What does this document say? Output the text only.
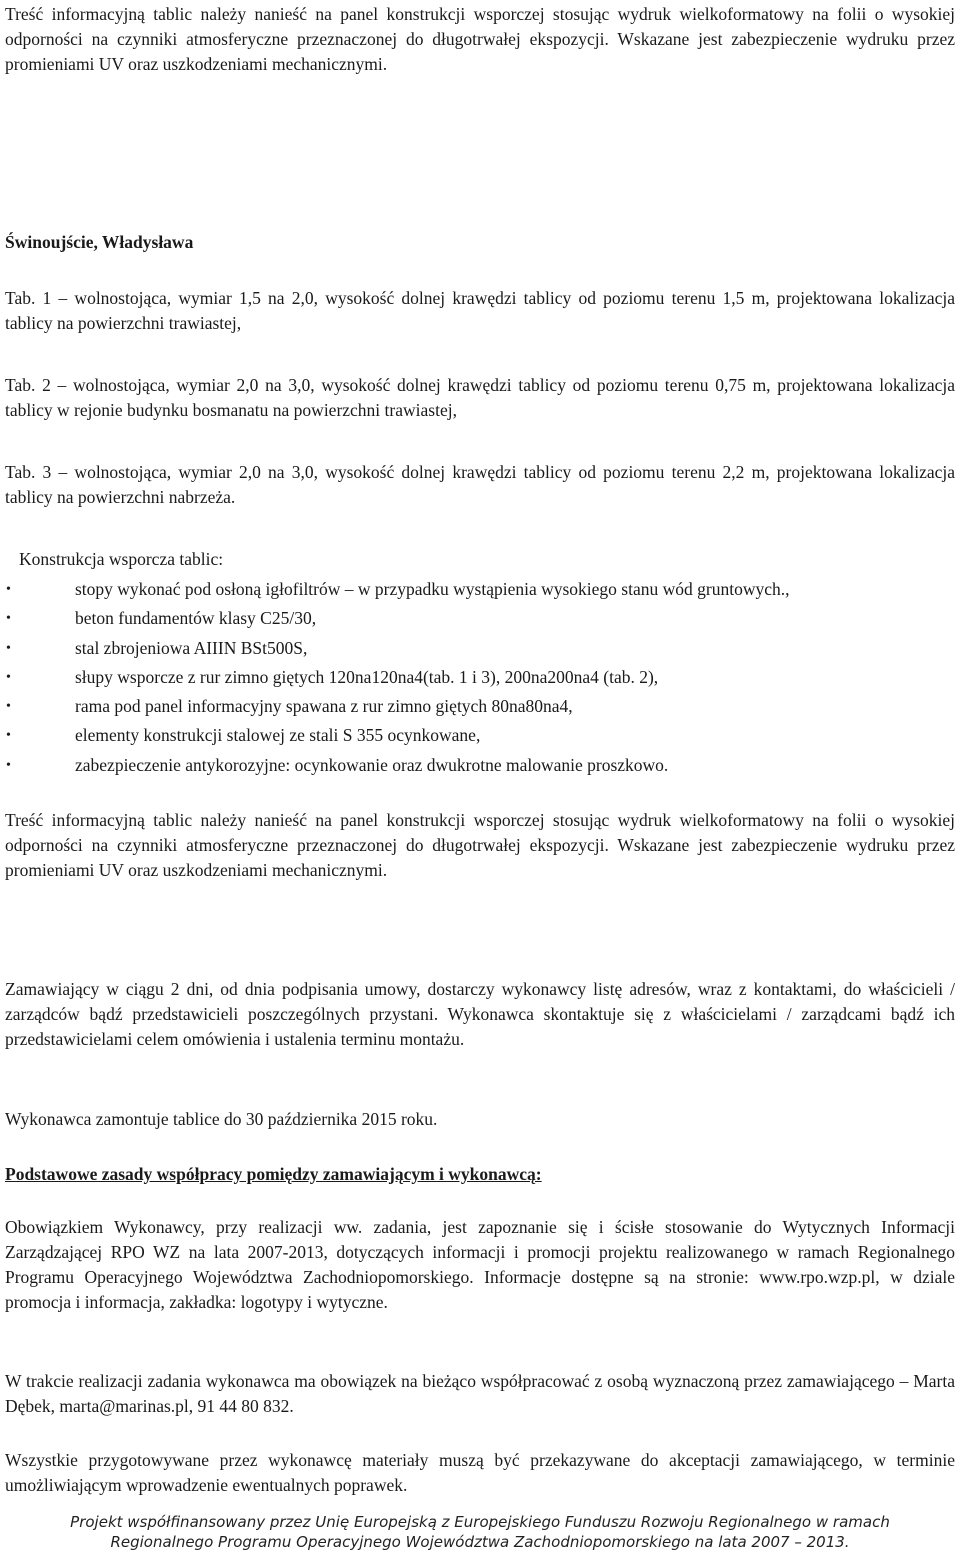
Treść informacyjną tablic należy nanieść na panel konstrukcji wsporczej stosując wydruk wielkoformatowy na folii o wysokiej odporności na czynniki atmosferyczne przeznaczonej do długotrwałej ekspozycji. Wskazane jest zabezpieczenie wydruku przez promieniami UV oraz uszkodzeniami mechanicznymi.

Świnoujście, Władysława

Tab. 1 – wolnostojąca, wymiar 1,5 na 2,0, wysokość dolnej krawędzi tablicy od poziomu terenu 1,5 m, projektowana lokalizacja tablicy na powierzchni trawiastej,

Tab. 2 – wolnostojąca, wymiar 2,0 na 3,0, wysokość dolnej krawędzi tablicy od poziomu terenu 0,75 m, projektowana lokalizacja tablicy w rejonie budynku bosmanatu na powierzchni trawiastej,

Tab. 3 – wolnostojąca, wymiar 2,0 na 3,0, wysokość dolnej krawędzi tablicy od poziomu terenu 2,2 m, projektowana lokalizacja tablicy na powierzchni nabrzeża.

Konstrukcja wsporcza tablic:

•	stopy wykonać pod osłoną igłofiltrów – w przypadku wystąpienia wysokiego stanu wód gruntowych.,
•	beton fundamentów klasy C25/30,
•	stal zbrojeniowa AIIIN BSt500S,
•	słupy wsporcze z rur zimno giętych 120na120na4(tab. 1 i 3), 200na200na4 (tab. 2),
•	rama pod panel informacyjny spawana z rur zimno giętych 80na80na4,
•	elementy konstrukcji stalowej ze stali S 355 ocynkowane,
•	zabezpieczenie antykorozyjne: ocynkowanie oraz dwukrotne malowanie proszkowo.

Treść informacyjną tablic należy nanieść na panel konstrukcji wsporczej stosując wydruk wielkoformatowy na folii o wysokiej odporności na czynniki atmosferyczne przeznaczonej do długotrwałej ekspozycji. Wskazane jest zabezpieczenie wydruku przez promieniami UV oraz uszkodzeniami mechanicznymi.

Zamawiający w ciągu 2 dni, od dnia podpisania umowy, dostarczy wykonawcy listę adresów, wraz z kontaktami, do właścicieli / zarządców bądź przedstawicieli poszczególnych przystani. Wykonawca skontaktuje się z właścicielami / zarządcami bądź ich przedstawicielami celem omówienia i ustalenia terminu montażu.

Wykonawca zamontuje tablice do 30 października 2015 roku.

Podstawowe zasady współpracy pomiędzy zamawiającym i wykonawcą:

Obowiązkiem Wykonawcy, przy realizacji ww. zadania, jest zapoznanie się i ścisłe stosowanie do Wytycznych Informacji Zarządzającej RPO WZ na lata 2007-2013, dotyczących informacji i promocji projektu realizowanego w ramach Regionalnego Programu Operacyjnego Województwa Zachodniopomorskiego. Informacje dostępne są na stronie: www.rpo.wzp.pl, w dziale promocja i informacja, zakładka: logotypy i wytyczne.

W trakcie realizacji zadania wykonawca ma obowiązek na bieżąco współpracować z osobą wyznaczoną przez zamawiającego – Marta Dębek, marta@marinas.pl, 91 44 80 832.

Wszystkie przygotowywane przez wykonawcę materiały muszą być przekazywane do akceptacji zamawiającego, w terminie umożliwiającym wprowadzenie ewentualnych poprawek.

Projekt współfinansowany przez Unię Europejską z Europejskiego Funduszu Rozwoju Regionalnego w ramach
Regionalnego Programu Operacyjnego Województwa Zachodniopomorskiego na lata 2007 – 2013.
